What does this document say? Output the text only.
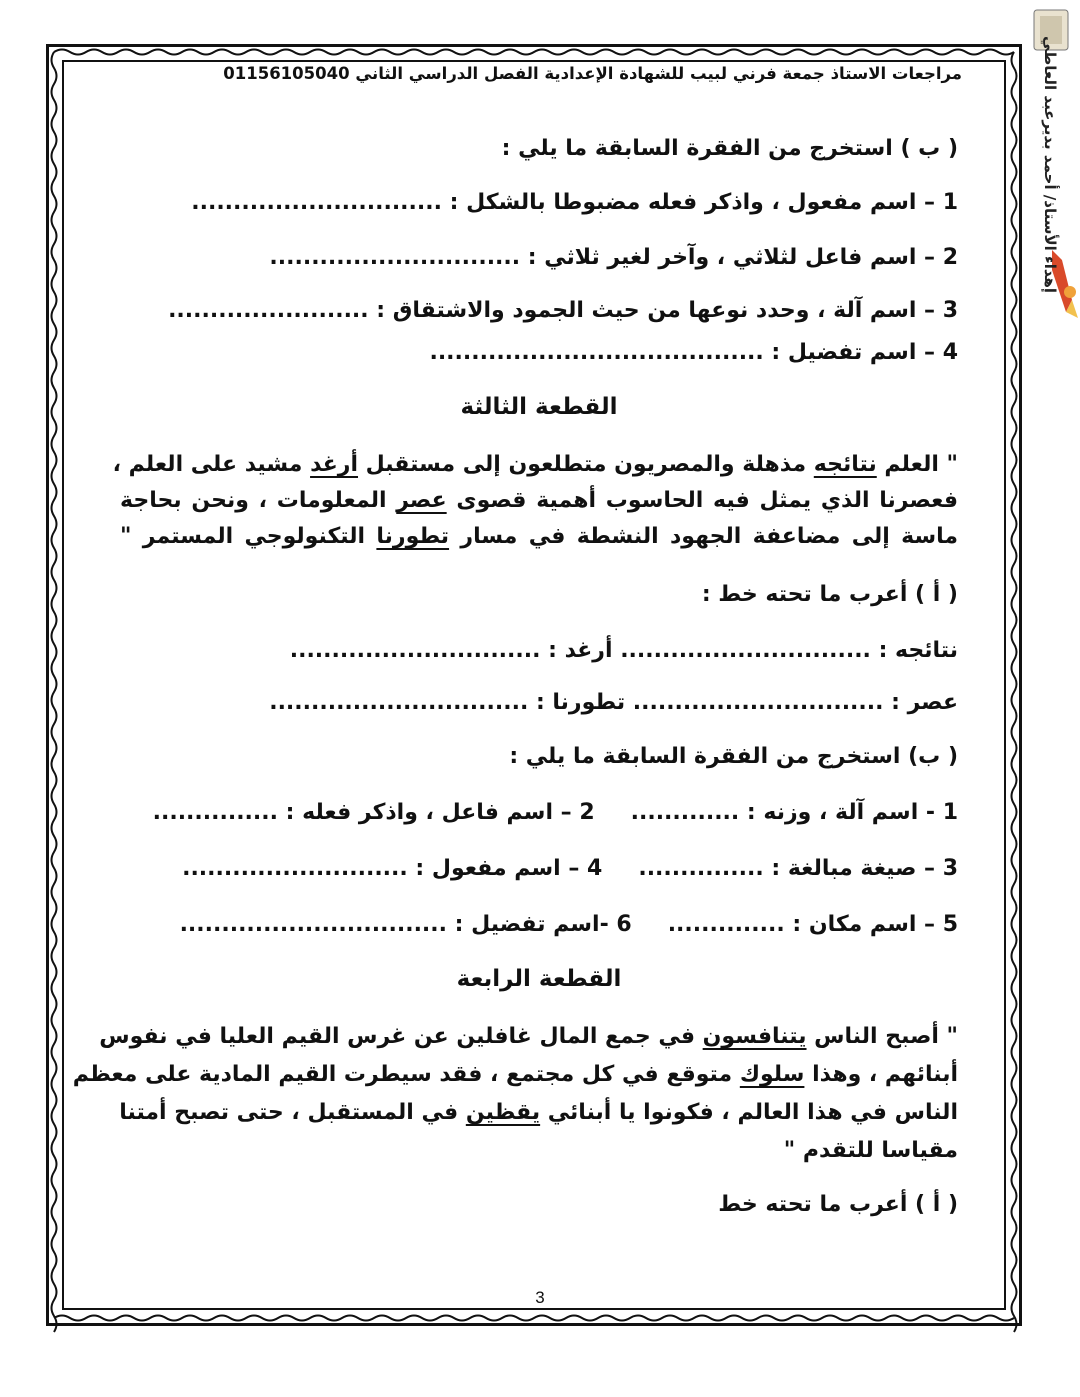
إهداء الأستاذ/ أحمد بديرعبد العاطي
مراجعات الاستاذ جمعة فرني لبيب للشهادة الإعدادية الفصل الدراسي الثاني 01156105040
( ب ) استخرج من الفقرة السابقة ما يلي :
1 – اسم مفعول ، واذكر فعله مضبوطا بالشكل : ..............................
2 – اسم فاعل لثلاثي ، وآخر لغير ثلاثي : ..............................
3 – اسم آلة ، وحدد نوعها من حيث الجمود والاشتقاق : ........................
4 – اسم تفضيل : ........................................
القطعة الثالثة
" العلم نتائجه مذهلة والمصريون متطلعون إلى مستقبل أرغد مشيد على العلم ،
فعصرنا الذي يمثل فيه الحاسوب أهمية قصوى عصر المعلومات ، ونحن بحاجة
ماسة إلى مضاعفة الجهود النشطة في مسار تطورنا التكنولوجي المستمر "
( أ ) أعرب ما تحته خط :
نتائجه : .............................. أرغد : ..............................
عصر : .............................. تطورنا : ...............................
( ب) استخرج من الفقرة السابقة ما يلي :
1 - اسم آلة ، وزنه : .............2 – اسم فاعل ، واذكر فعله : ...............
3 – صيغة مبالغة : ...............4 – اسم مفعول : ...........................
5 – اسم مكان : ..............6 -اسم تفضيل : ................................
القطعة الرابعة
" أصبح الناس يتنافسون في جمع المال غافلين عن غرس القيم العليا في نفوس
أبنائهم ، وهذا سلوك متوقع في كل مجتمع ، فقد سيطرت القيم المادية على معظم
الناس في هذا العالم ، فكونوا يا أبنائي يقظين في المستقبل ، حتى تصبح أمتنا
مقياسا للتقدم "
( أ ) أعرب ما تحته خط
3
